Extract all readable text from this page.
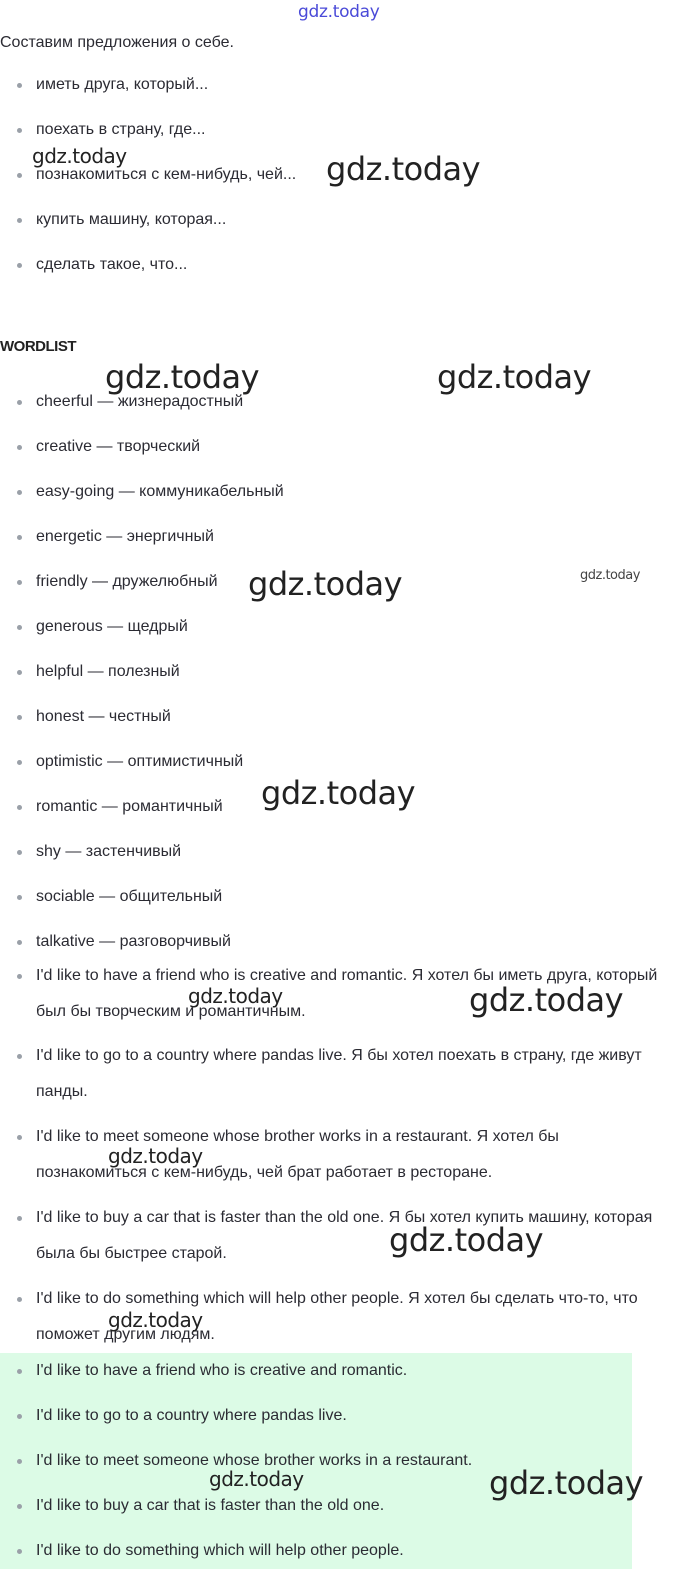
gdz.today
Составим предложения о себе.
иметь друга, который...
поехать в страну, где...
познакомиться с кем-нибудь, чей...
купить машину, которая...
сделать такое, что...
WORDLIST
cheerful — жизнерадостный
creative — творческий
easy-going — коммуникабельный
energetic — энергичный
friendly — дружелюбный
generous — щедрый
helpful — полезный
honest — честный
optimistic — оптимистичный
romantic — романтичный
shy — застенчивый
sociable — общительный
talkative — разговорчивый
I'd like to have a friend who is creative and romantic. Я хотел бы иметь друга, который был бы творческим и романтичным.
I'd like to go to a country where pandas live. Я бы хотел поехать в страну, где живут панды.
I'd like to meet someone whose brother works in a restaurant. Я хотел бы познакомиться с кем-нибудь, чей брат работает в ресторане.
I'd like to buy a car that is faster than the old one. Я бы хотел купить машину, которая была бы быстрее старой.
I'd like to do something which will help other people. Я хотел бы сделать что-то, что поможет другим людям.
I'd like to have a friend who is creative and romantic.
I'd like to go to a country where pandas live.
I'd like to meet someone whose brother works in a restaurant.
I'd like to buy a car that is faster than the old one.
I'd like to do something which will help other people.
gdz.today	gdz.today
gdz.today	gdz.today
gdz.today	gdz.today
gdz.today
gdz.today	gdz.today
gdz.today
gdz.today
gdz.today
gdz.today	gdz.today
